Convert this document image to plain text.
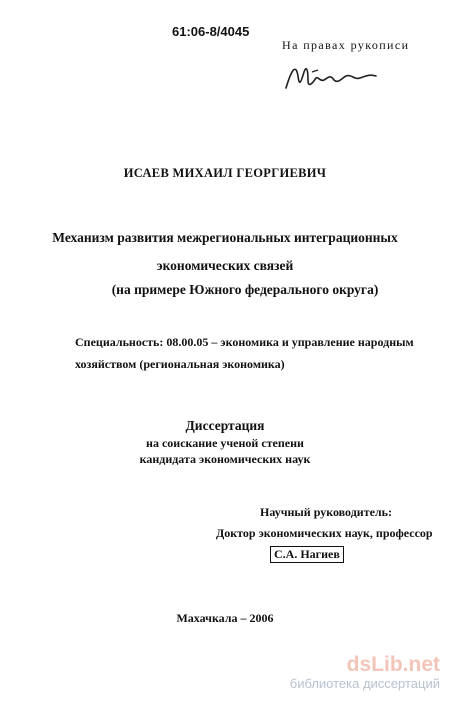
61:06-8/4045
На правах рукописи
ИСАЕВ МИХАИЛ ГЕОРГИЕВИЧ
Механизм развития межрегиональных интеграционных
экономических связей
(на примере Южного федерального округа)
Специальность: 08.00.05 – экономика и управление народным
хозяйством (региональная экономика)
Диссертация
на соискание ученой степени
кандидата экономических наук
Научный руководитель:
Доктор экономических наук, профессор
С.А. Нагиев
Махачкала – 2006
dsLib.net
библиотека диссертаций
